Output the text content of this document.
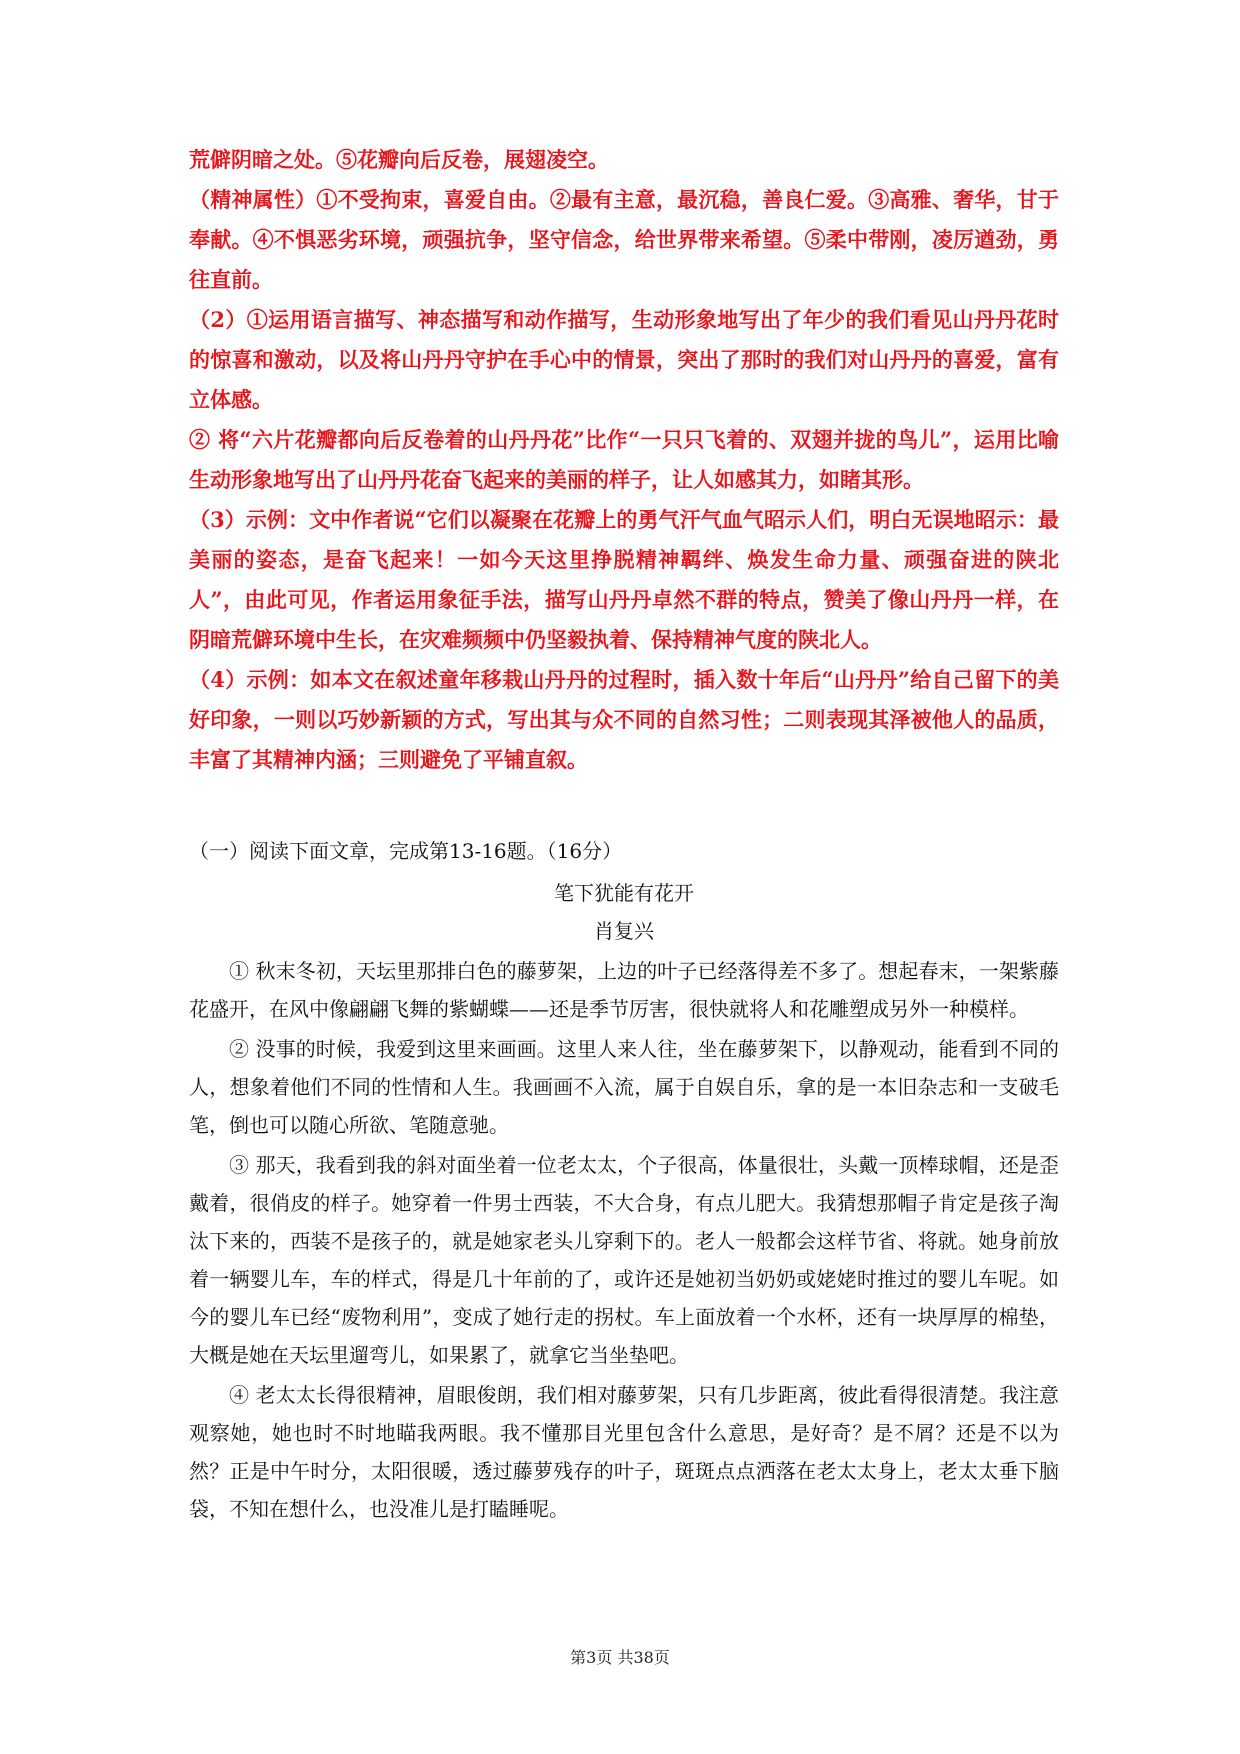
荒僻阴暗之处。⑤花瓣向后反卷，展翅凌空。

（精神属性）①不受拘束，喜爱自由。②最有主意，最沉稳，善良仁爱。③高雅、奢华，甘于奉献。④不惧恶劣环境，顽强抗争，坚守信念，给世界带来希望。⑤柔中带刚，凌厉遒劲，勇往直前。

（2）①运用语言描写、神态描写和动作描写，生动形象地写出了年少的我们看见山丹丹花时的惊喜和激动，以及将山丹丹守护在手心中的情景，突出了那时的我们对山丹丹的喜爱，富有立体感。

② 将“六片花瓣都向后反卷着的山丹丹花”比作“一只只飞着的、双翅并拢的鸟儿”，运用比喻生动形象地写出了山丹丹花奋飞起来的美丽的样子，让人如感其力，如睹其形。

（3）示例：文中作者说“它们以凝聚在花瓣上的勇气汗气血气昭示人们，明白无误地昭示：最美丽的姿态，是奋飞起来！一如今天这里挣脱精神羁绊、焕发生命力量、顽强奋进的陕北人”，由此可见，作者运用象征手法，描写山丹丹卓然不群的特点，赞美了像山丹丹一样，在阴暗荒僻环境中生长，在灾难频频中仍坚毅执着、保持精神气度的陕北人。

（4）示例：如本文在叙述童年移栽山丹丹的过程时，插入数十年后“山丹丹”给自己留下的美好印象，一则以巧妙新颖的方式，写出其与众不同的自然习性；二则表现其泽被他人的品质，丰富了其精神内涵；三则避免了平铺直叙。

（一）阅读下面文章，完成第13-16题。（16分）

笔下犹能有花开

肖复兴

① 秋末冬初，天坛里那排白色的藤萝架，上边的叶子已经落得差不多了。想起春末，一架紫藤花盛开，在风中像翩翩飞舞的紫蝴蝶——还是季节厉害，很快就将人和花雕塑成另外一种模样。

② 没事的时候，我爱到这里来画画。这里人来人往，坐在藤萝架下，以静观动，能看到不同的人，想象着他们不同的性情和人生。我画画不入流，属于自娱自乐，拿的是一本旧杂志和一支破毛笔，倒也可以随心所欲、笔随意驰。

③ 那天，我看到我的斜对面坐着一位老太太，个子很高，体量很壮，头戴一顶棒球帽，还是歪戴着，很俏皮的样子。她穿着一件男士西装，不大合身，有点儿肥大。我猜想那帽子肯定是孩子淘汰下来的，西装不是孩子的，就是她家老头儿穿剩下的。老人一般都会这样节省、将就。她身前放着一辆婴儿车，车的样式，得是几十年前的了，或许还是她初当奶奶或姥姥时推过的婴儿车呢。如今的婴儿车已经“废物利用”，变成了她行走的拐杖。车上面放着一个水杯，还有一块厚厚的棉垫，大概是她在天坛里遛弯儿，如果累了，就拿它当坐垫吧。

④ 老太太长得很精神，眉眼俊朗，我们相对藤萝架，只有几步距离，彼此看得很清楚。我注意观察她，她也时不时地瞄我两眼。我不懂那目光里包含什么意思，是好奇？是不屑？还是不以为然？正是中午时分，太阳很暖，透过藤萝残存的叶子，斑斑点点洒落在老太太身上，老太太垂下脑袋，不知在想什么，也没准儿是打瞌睡呢。

第3页 共38页
